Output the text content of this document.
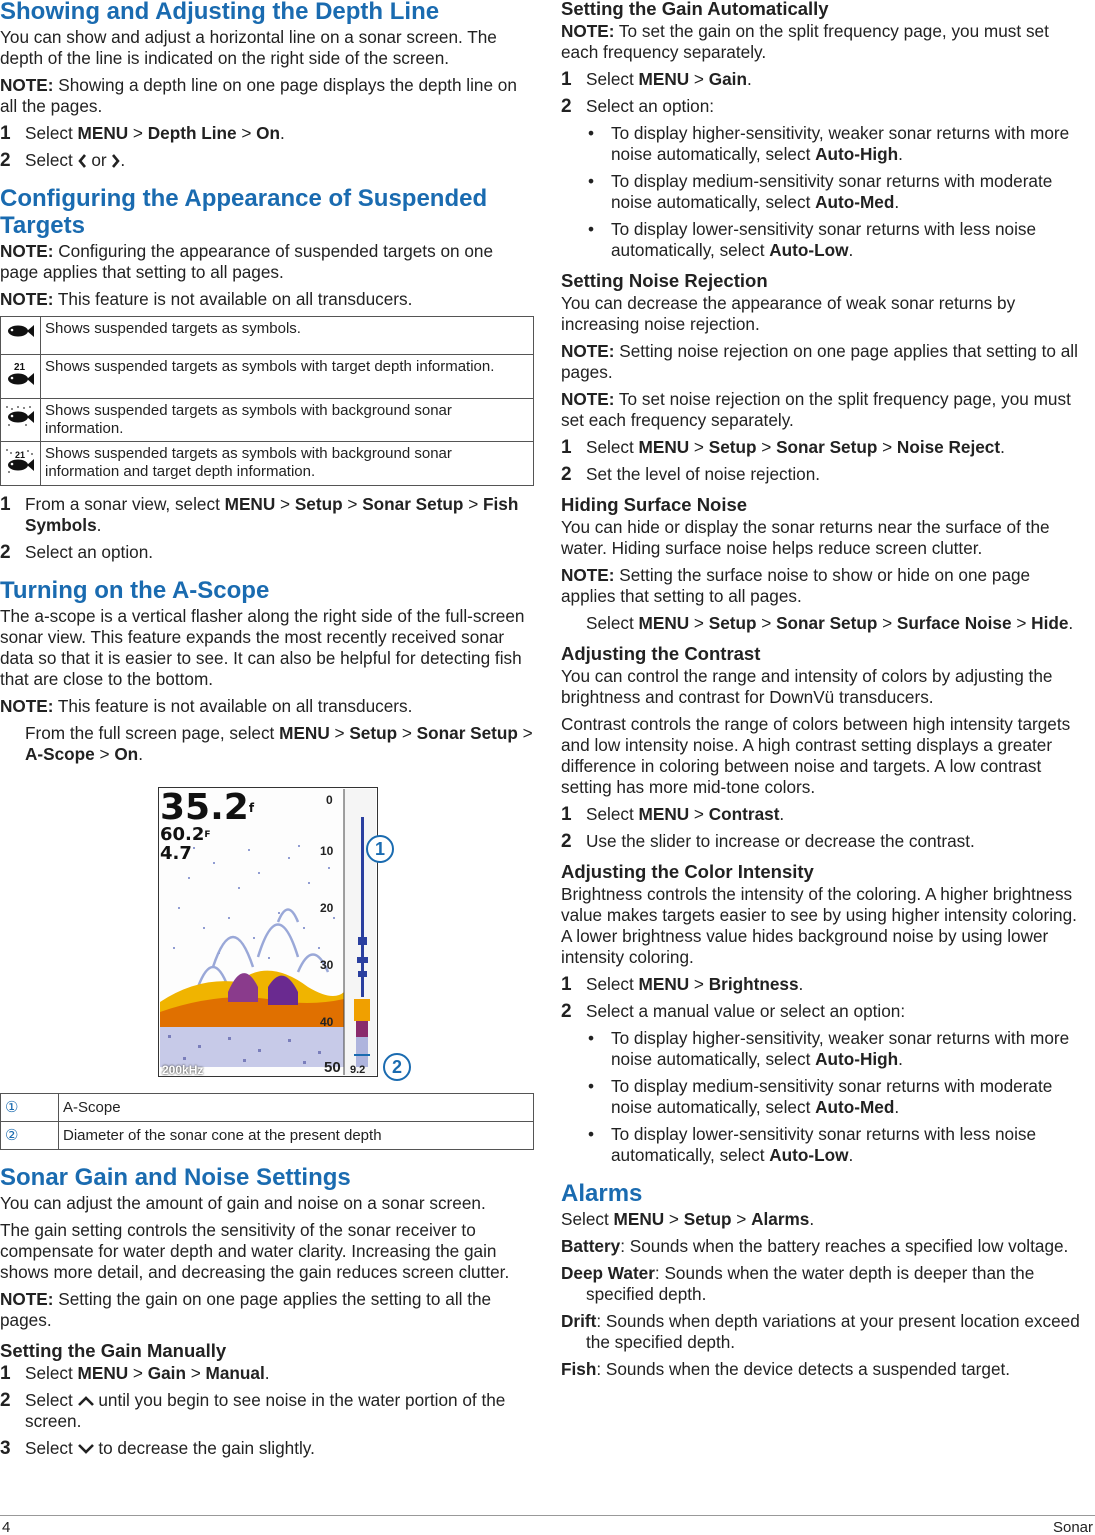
Showing and Adjusting the Depth Line

You can show and adjust a horizontal line on a sonar screen. The depth of the line is indicated on the right side of the screen.

NOTE: Showing a depth line on one page displays the depth line on all the pages.

1 Select MENU > Depth Line > On.
2 Select  or .
Configuring the Appearance of Suspended Targets

NOTE: Configuring the appearance of suspended targets on one page applies that setting to all pages.

NOTE: This feature is not available on all transducers.

	Shows suspended targets as symbols.

21	Shows suspended targets as symbols with target depth information.
	Shows suspended targets as symbols with background sonar information.

21	Shows suspended targets as symbols with background sonar information and target depth information.
1 From a sonar view, select MENU > Setup > Sonar Setup > Fish Symbols.
2 Select an option.
Turning on the A-Scope

The a-scope is a vertical flasher along the right side of the full-screen sonar view. This feature expands the most recently received sonar data so that it is easier to see. It can also be helpful for detecting fish that are close to the bottom.

NOTE: This feature is not available on all transducers.

From the full screen page, select MENU > Setup > Sonar Setup > A-Scope > On.
35.2$^f$
$60.2^F$
4.7
0
10
20
30
40
50
200kHz	9.2
1
2
①	A-Scope
②	Diameter of the sonar cone at the present depth
Sonar Gain and Noise Settings

You can adjust the amount of gain and noise on a sonar screen.

The gain setting controls the sensitivity of the sonar receiver to compensate for water depth and water clarity. Increasing the gain shows more detail, and decreasing the gain reduces screen clutter.

NOTE: Setting the gain on one page applies the setting to all the pages.

Setting the Gain Manually
1 Select MENU > Gain > Manual.
2 Select  until you begin to see noise in the water portion of the screen.
3 Select  to decrease the gain slightly.
Setting the Gain Automatically

NOTE: To set the gain on the split frequency page, you must set each frequency separately.

1 Select MENU > Gain.
2 Select an option:
• To display higher-sensitivity, weaker sonar returns with more noise automatically, select Auto-High.
• To display medium-sensitivity sonar returns with moderate noise automatically, select Auto-Med.
• To display lower-sensitivity sonar returns with less noise automatically, select Auto-Low.
Setting Noise Rejection

You can decrease the appearance of weak sonar returns by increasing noise rejection.

NOTE: Setting noise rejection on one page applies that setting to all pages.

NOTE: To set noise rejection on the split frequency page, you must set each frequency separately.

1 Select MENU > Setup > Sonar Setup > Noise Reject.
2 Set the level of noise rejection.
Hiding Surface Noise

You can hide or display the sonar returns near the surface of the water. Hiding surface noise helps reduce screen clutter.

NOTE: Setting the surface noise to show or hide on one page applies that setting to all pages.

Select MENU > Setup > Sonar Setup > Surface Noise > Hide.
Adjusting the Contrast

You can control the range and intensity of colors by adjusting the brightness and contrast for DownVü transducers.

Contrast controls the range of colors between high intensity targets and low intensity noise. A high contrast setting displays a greater difference in coloring between noise and targets. A low contrast setting has more mid-tone colors.

1 Select MENU > Contrast.
2 Use the slider to increase or decrease the contrast.
Adjusting the Color Intensity

Brightness controls the intensity of the coloring. A higher brightness value makes targets easier to see by using higher intensity coloring. A lower brightness value hides background noise by using lower intensity coloring.

1 Select MENU > Brightness.
2 Select a manual value or select an option:
• To display higher-sensitivity, weaker sonar returns with more noise automatically, select Auto-High.
• To display medium-sensitivity sonar returns with moderate noise automatically, select Auto-Med.
• To display lower-sensitivity sonar returns with less noise automatically, select Auto-Low.
Alarms

Select MENU > Setup > Alarms.

Battery: Sounds when the battery reaches a specified low voltage.
Deep Water: Sounds when the water depth is deeper than the specified depth.
Drift: Sounds when depth variations at your present location exceed the specified depth.
Fish: Sounds when the device detects a suspended target.
4	Sonar
